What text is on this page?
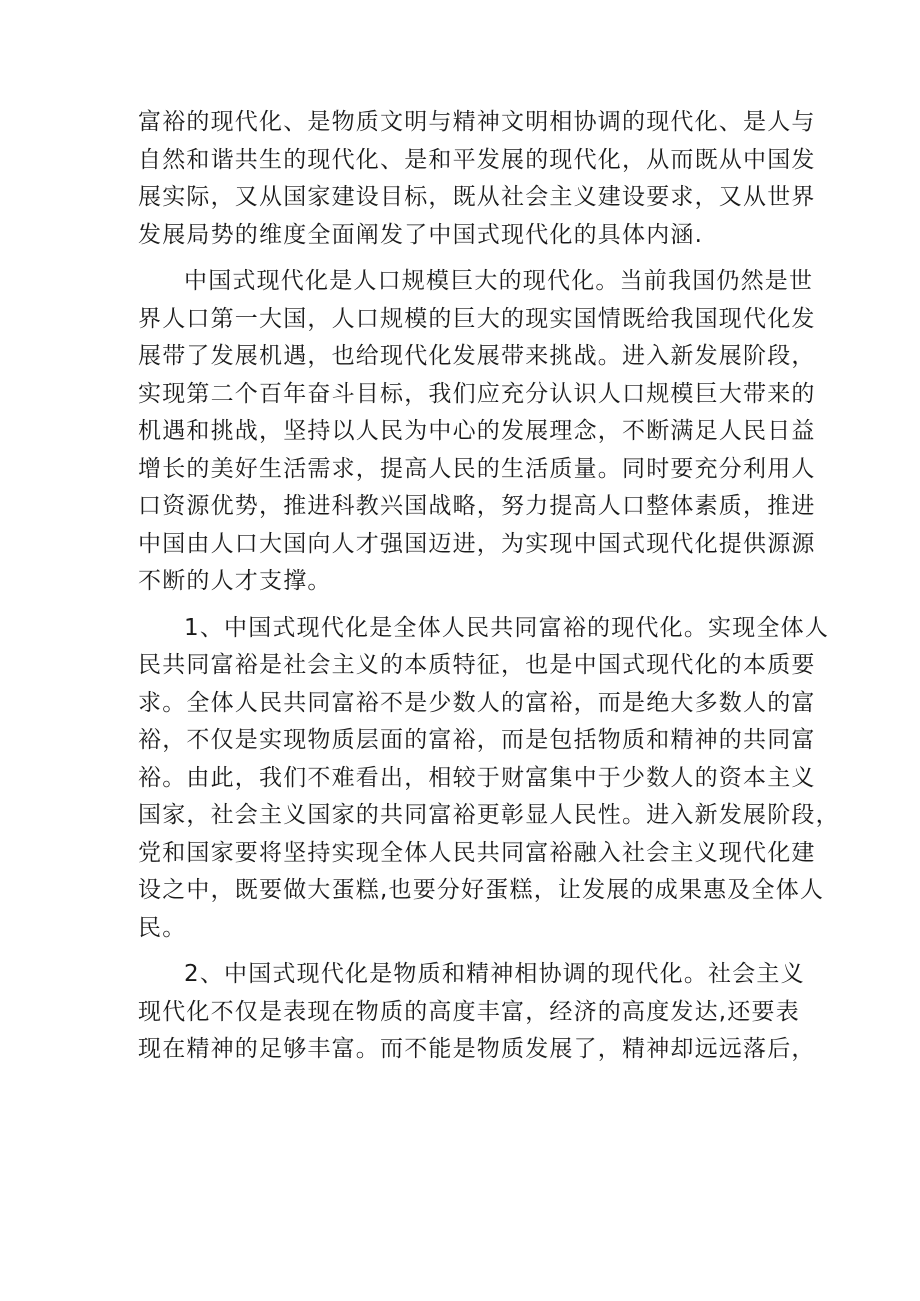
富裕的现代化、是物质文明与精神文明相协调的现代化、是人与
自然和谐共生的现代化、是和平发展的现代化，从而既从中国发
展实际，又从国家建设目标，既从社会主义建设要求，又从世界
发展局势的维度全面阐发了中国式现代化的具体内涵.
中国式现代化是人口规模巨大的现代化。当前我国仍然是世
界人口第一大国，人口规模的巨大的现实国情既给我国现代化发
展带了发展机遇，也给现代化发展带来挑战。进入新发展阶段，
实现第二个百年奋斗目标，我们应充分认识人口规模巨大带来的
机遇和挑战，坚持以人民为中心的发展理念，不断满足人民日益
增长的美好生活需求，提高人民的生活质量。同时要充分利用人
口资源优势，推进科教兴国战略，努力提高人口整体素质，推进
中国由人口大国向人才强国迈进，为实现中国式现代化提供源源
不断的人才支撑。
1、中国式现代化是全体人民共同富裕的现代化。实现全体人
民共同富裕是社会主义的本质特征，也是中国式现代化的本质要
求。全体人民共同富裕不是少数人的富裕，而是绝大多数人的富
裕，不仅是实现物质层面的富裕，而是包括物质和精神的共同富
裕。由此，我们不难看出，相较于财富集中于少数人的资本主义
国家，社会主义国家的共同富裕更彰显人民性。进入新发展阶段，
党和国家要将坚持实现全体人民共同富裕融入社会主义现代化建
设之中，既要做大蛋糕,也要分好蛋糕，让发展的成果惠及全体人
民。
2、中国式现代化是物质和精神相协调的现代化。社会主义
现代化不仅是表现在物质的高度丰富，经济的高度发达,还要表
现在精神的足够丰富。而不能是物质发展了，精神却远远落后，
